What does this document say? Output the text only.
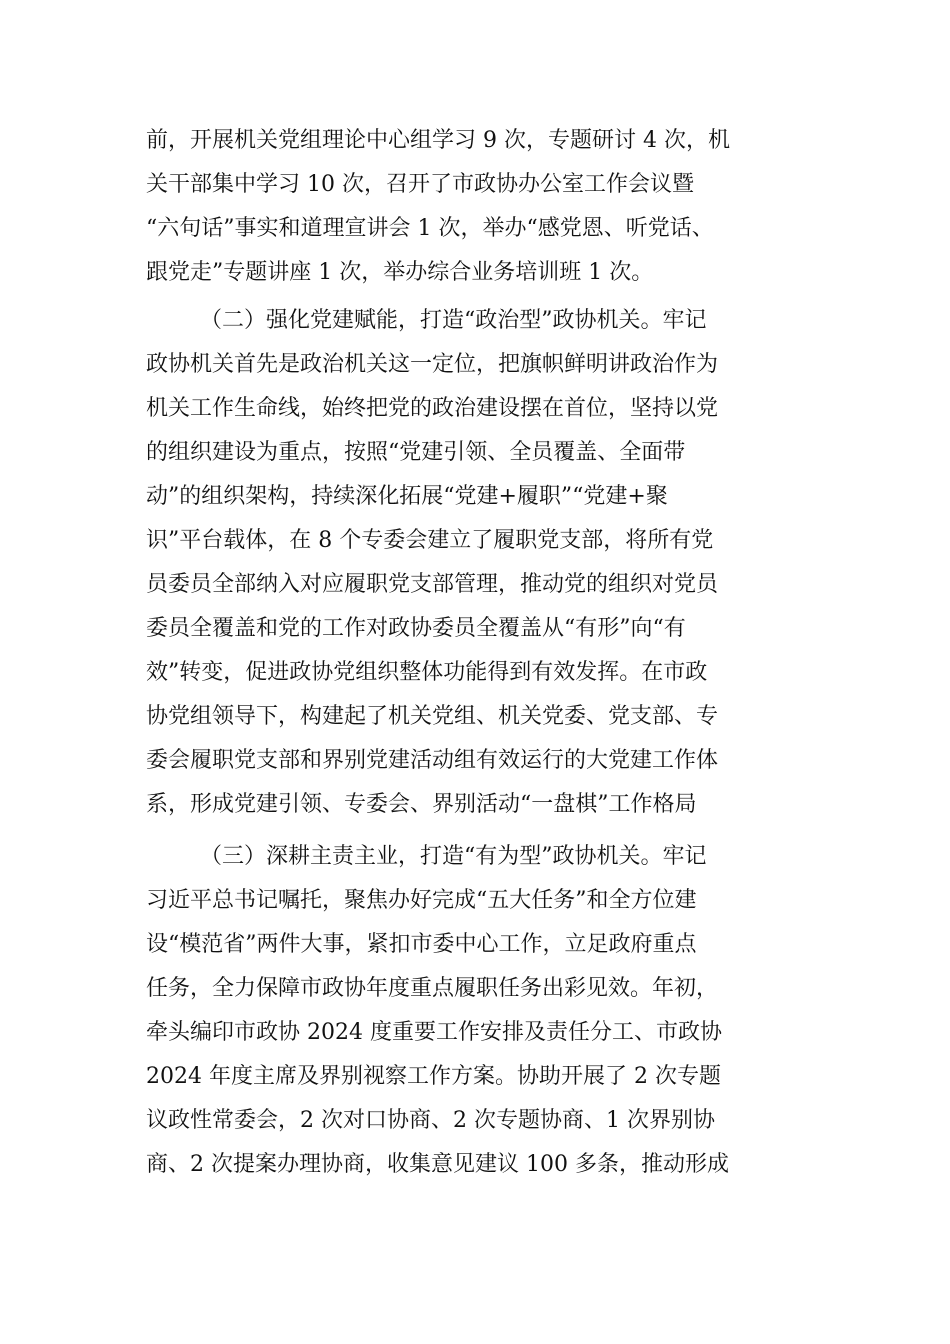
前，开展机关党组理论中心组学习 9 次，专题研讨 4 次，机
关干部集中学习 10 次，召开了市政协办公室工作会议暨
“六句话”事实和道理宣讲会 1 次，举办“感党恩、听党话、
跟党走”专题讲座 1 次，举办综合业务培训班 1 次。
（二）强化党建赋能，打造“政治型”政协机关。牢记
政协机关首先是政治机关这一定位，把旗帜鲜明讲政治作为
机关工作生命线，始终把党的政治建设摆在首位，坚持以党
的组织建设为重点，按照“党建引领、全员覆盖、全面带
动”的组织架构，持续深化拓展“党建+履职”“党建+聚
识”平台载体，在 8 个专委会建立了履职党支部，将所有党
员委员全部纳入对应履职党支部管理，推动党的组织对党员
委员全覆盖和党的工作对政协委员全覆盖从“有形”向“有
效”转变，促进政协党组织整体功能得到有效发挥。在市政
协党组领导下，构建起了机关党组、机关党委、党支部、专
委会履职党支部和界别党建活动组有效运行的大党建工作体
系，形成党建引领、专委会、界别活动“一盘棋”工作格局
（三）深耕主责主业，打造“有为型”政协机关。牢记
习近平总书记嘱托，聚焦办好完成“五大任务”和全方位建
设“模范省”两件大事，紧扣市委中心工作，立足政府重点
任务，全力保障市政协年度重点履职任务出彩见效。年初，
牵头编印市政协 2024 度重要工作安排及责任分工、市政协
2024 年度主席及界别视察工作方案。协助开展了 2 次专题
议政性常委会，2 次对口协商、2 次专题协商、1 次界别协
商、2 次提案办理协商，收集意见建议 100 多条，推动形成
